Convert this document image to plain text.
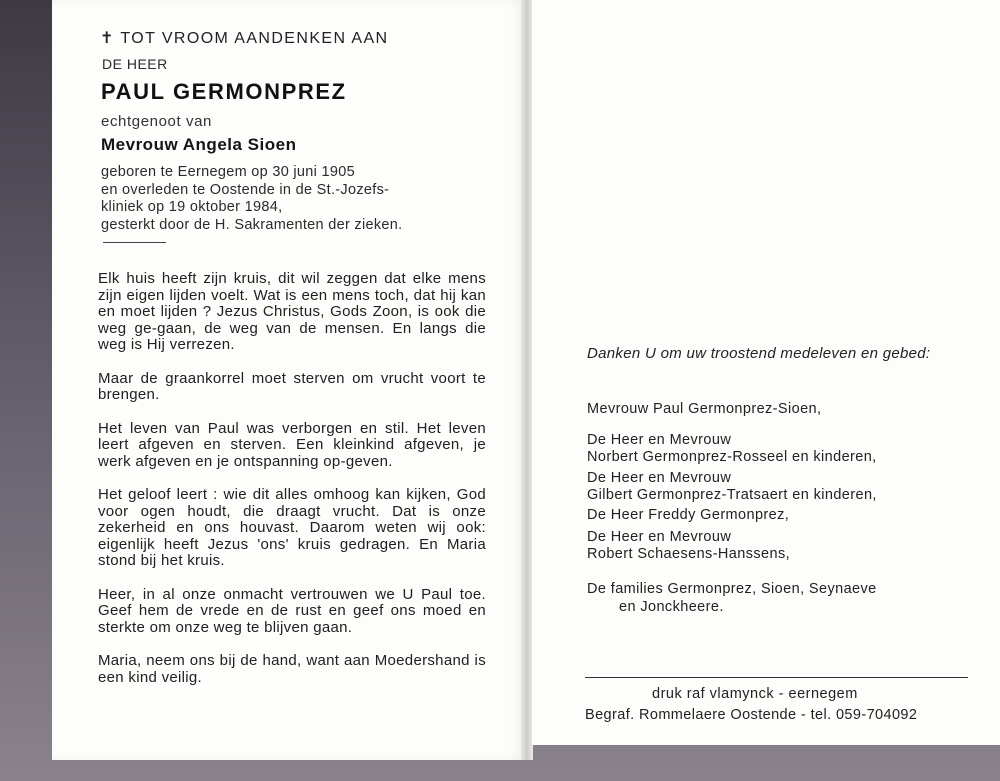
✝ TOT VROOM AANDENKEN AAN
DE HEER
PAUL GERMONPREZ
echtgenoot van
Mevrouw Angela Sioen
geboren te Eernegem op 30 juni 1905
en overleden te Oostende in de St.-Jozefs-
kliniek op 19 oktober 1984,
gesterkt door de H. Sakramenten der zieken.

Elk huis heeft zijn kruis, dit wil zeggen dat elke mens zijn eigen lijden voelt. Wat is een mens toch, dat hij kan en moet lijden ? Jezus Christus, Gods Zoon, is ook die weg ge-gaan, de weg van de mensen. En langs die weg is Hij verrezen.

Maar de graankorrel moet sterven om vrucht voort te brengen.

Het leven van Paul was verborgen en stil. Het leven leert afgeven en sterven. Een kleinkind afgeven, je werk afgeven en je ontspanning op-geven.

Het geloof leert : wie dit alles omhoog kan kijken, God voor ogen houdt, die draagt vrucht. Dat is onze zekerheid en ons houvast. Daarom weten wij ook: eigenlijk heeft Jezus 'ons' kruis gedragen. En Maria stond bij het kruis.

Heer, in al onze onmacht vertrouwen we U Paul toe. Geef hem de vrede en de rust en geef ons moed en sterkte om onze weg te blijven gaan.

Maria, neem ons bij de hand, want aan Moedershand is een kind veilig.

Danken U om uw troostend medeleven en gebed:
Mevrouw Paul Germonprez-Sioen,
De Heer en Mevrouw
Norbert Germonprez-Rosseel en kinderen,
De Heer en Mevrouw
Gilbert Germonprez-Tratsaert en kinderen,
De Heer Freddy Germonprez,
De Heer en Mevrouw
Robert Schaesens-Hanssens,
De families Germonprez, Sioen, Seynaeve
en Jonckheere.
druk raf vlamynck - eernegem
Begraf. Rommelaere Oostende - tel. 059-704092
